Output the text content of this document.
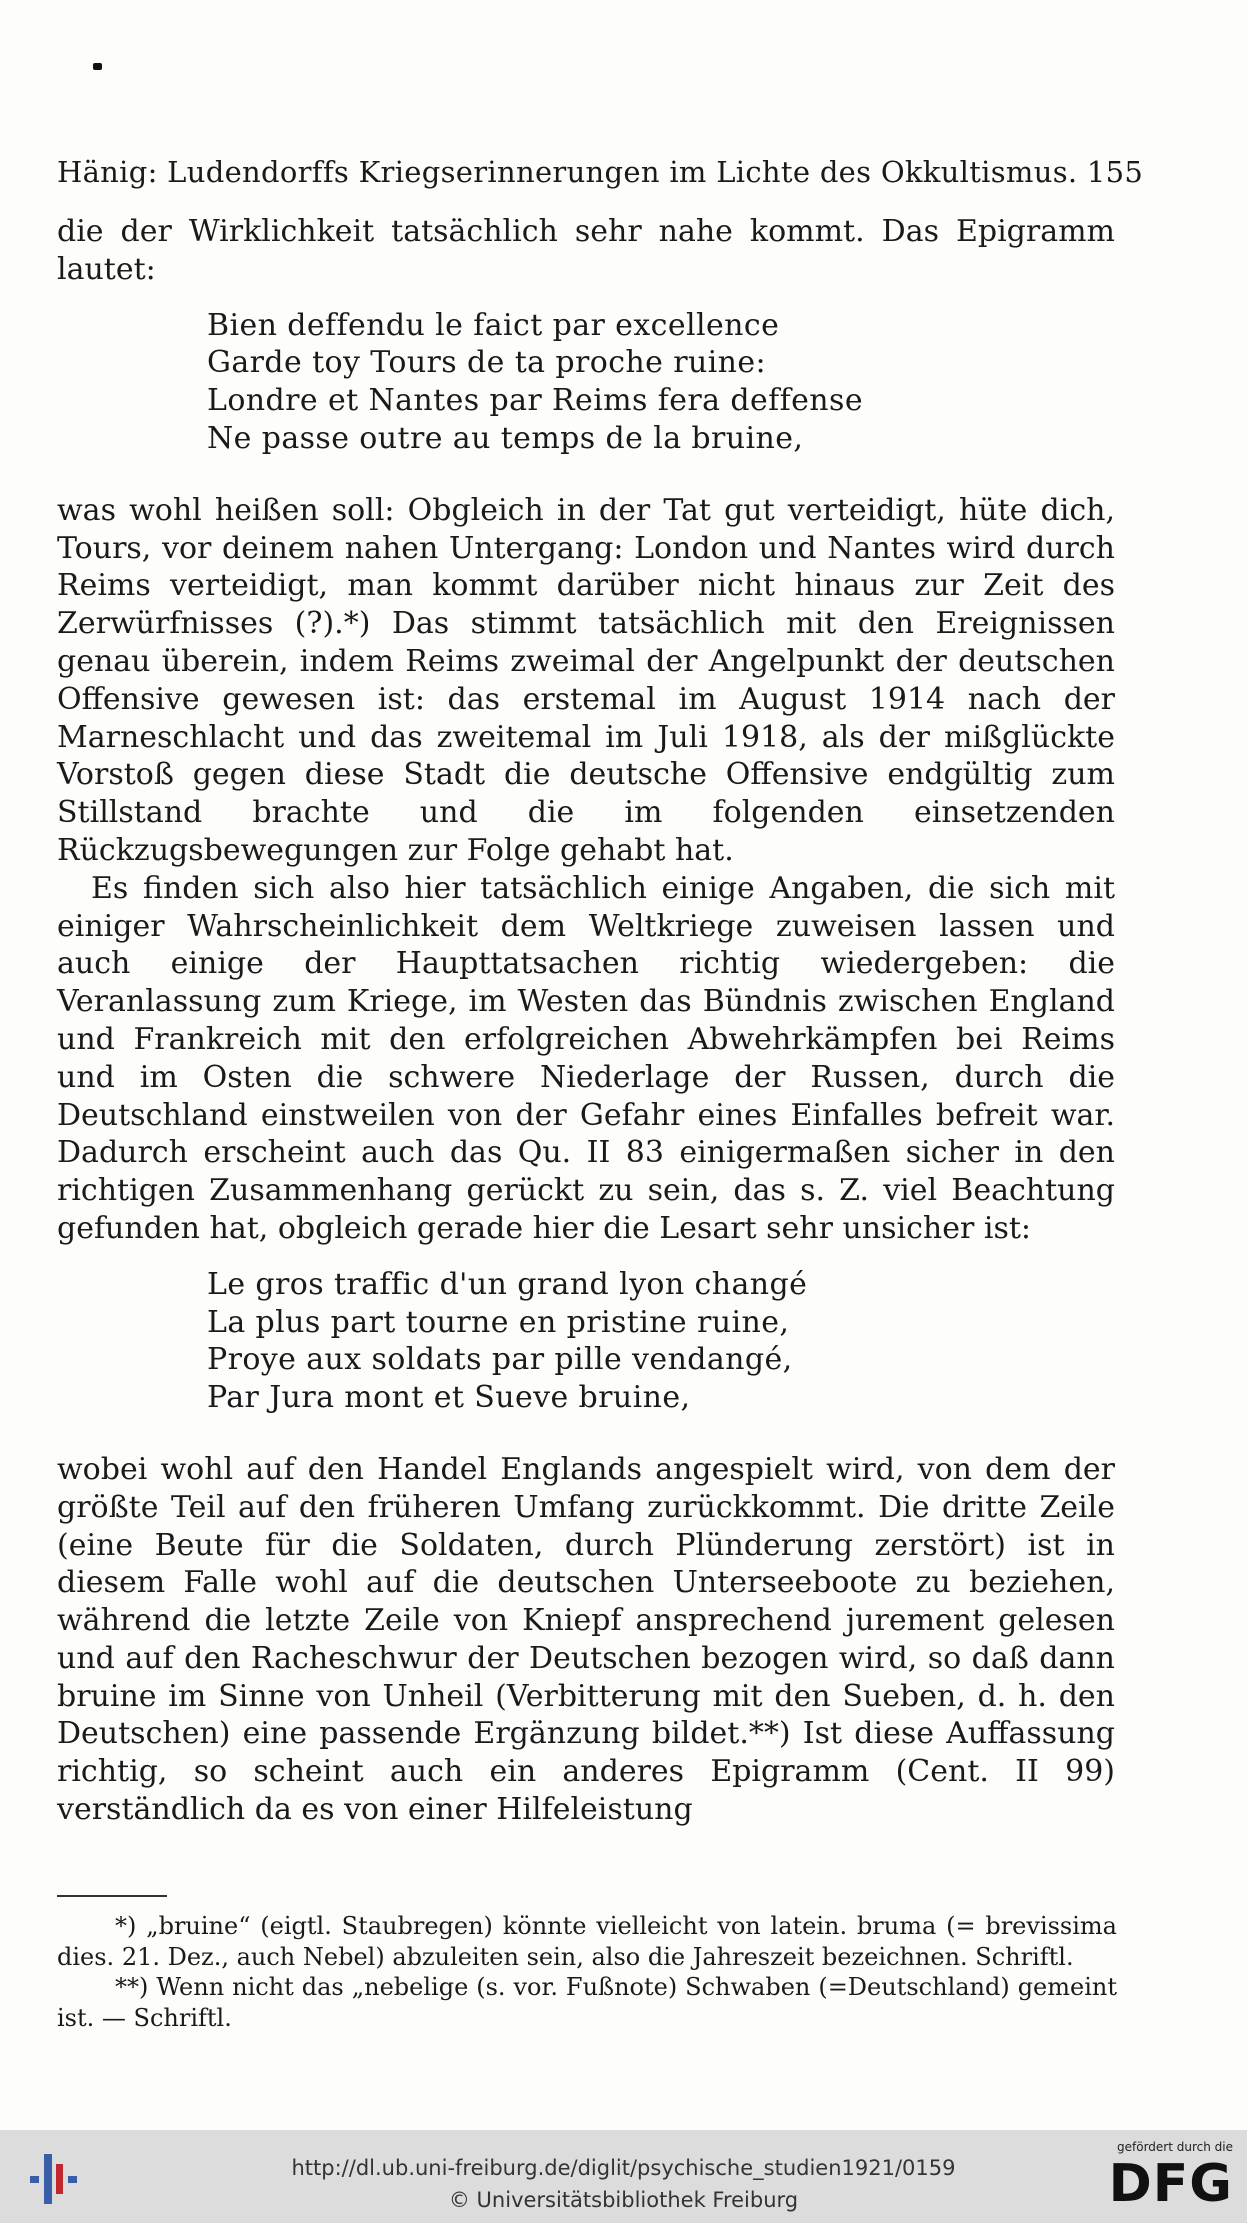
Hänig: Ludendorffs Kriegserinnerungen im Lichte des Okkultismus. 155

die der Wirklichkeit tatsächlich sehr nahe kommt. Das Epigramm lautet:

Bien deffendu le faict par excellence

Garde toy Tours de ta proche ruine:

Londre et Nantes par Reims fera deffense

Ne passe outre au temps de la bruine,

was wohl heißen soll: Obgleich in der Tat gut verteidigt, hüte dich, Tours, vor deinem nahen Untergang: London und Nantes wird durch Reims verteidigt, man kommt darüber nicht hinaus zur Zeit des Zerwürfnisses (?).*) Das stimmt tatsächlich mit den Ereignissen genau überein, indem Reims zweimal der Angelpunkt der deutschen Offensive gewesen ist: das erstemal im August 1914 nach der Marneschlacht und das zweitemal im Juli 1918, als der mißglückte Vorstoß gegen diese Stadt die deutsche Offensive endgültig zum Stillstand brachte und die im folgenden einsetzenden Rückzugsbewegungen zur Folge gehabt hat.

Es finden sich also hier tatsächlich einige Angaben, die sich mit einiger Wahrscheinlichkeit dem Weltkriege zuweisen lassen und auch einige der Haupttatsachen richtig wiedergeben: die Veranlassung zum Kriege, im Westen das Bündnis zwischen England und Frankreich mit den erfolgreichen Abwehrkämpfen bei Reims und im Osten die schwere Niederlage der Russen, durch die Deutschland einstweilen von der Gefahr eines Einfalles befreit war. Dadurch erscheint auch das Qu. II 83 einigermaßen sicher in den richtigen Zusammenhang gerückt zu sein, das s. Z. viel Beachtung gefunden hat, obgleich gerade hier die Lesart sehr unsicher ist:

Le gros traffic d'un grand lyon changé

La plus part tourne en pristine ruine,

Proye aux soldats par pille vendangé,

Par Jura mont et Sueve bruine,

wobei wohl auf den Handel Englands angespielt wird, von dem der größte Teil auf den früheren Umfang zurückkommt. Die dritte Zeile (eine Beute für die Soldaten, durch Plünderung zerstört) ist in diesem Falle wohl auf die deutschen Unterseeboote zu beziehen, während die letzte Zeile von Kniepf ansprechend jurement gelesen und auf den Racheschwur der Deutschen bezogen wird, so daß dann bruine im Sinne von Unheil (Verbitterung mit den Sueben, d. h. den Deutschen) eine passende Ergänzung bildet.**) Ist diese Auffassung richtig, so scheint auch ein anderes Epigramm (Cent. II 99) verständlich da es von einer Hilfeleistung

*) „bruine“ (eigtl. Staubregen) könnte vielleicht von latein. bruma (= brevissima dies. 21. Dez., auch Nebel) abzuleiten sein, also die Jahreszeit bezeichnen. Schriftl.

**) Wenn nicht das „nebelige (s. vor. Fußnote) Schwaben (=Deutschland) gemeint ist. — Schriftl.

http://dl.ub.uni-freiburg.de/diglit/psychische_studien1921/0159
© Universitätsbibliothek Freiburg
gefördert durch die
DFG
